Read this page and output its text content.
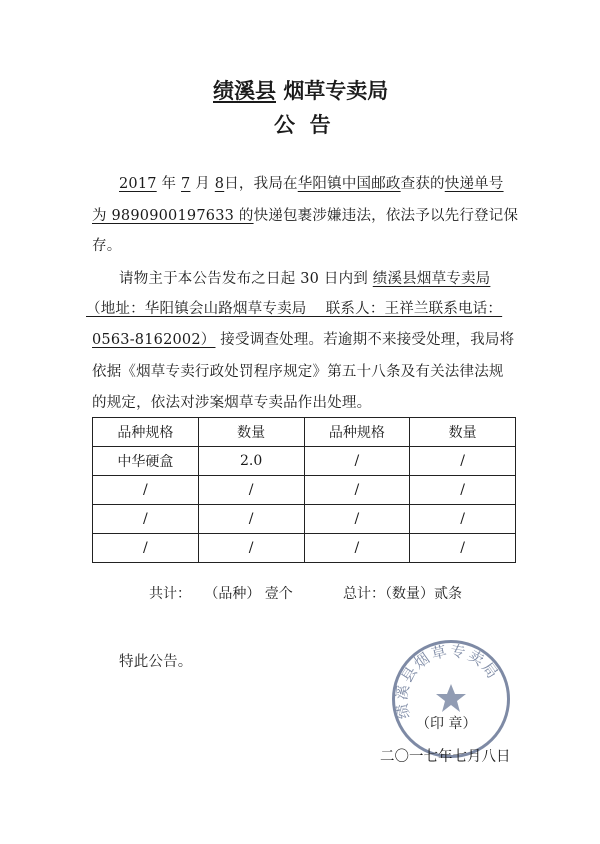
绩溪县 烟草专卖局
公  告
2017 年 7 月 8日，我局在华阳镇中国邮政查获的快递单号
为 9890900197633 的快递包裹涉嫌违法，依法予以先行登记保
存。
请物主于本公告发布之日起 30 日内到 绩溪县烟草专卖局
（地址：华阳镇会山路烟草专卖局    联系人：王祥兰联系电话：
0563-8162002） 接受调查处理。若逾期不来接受处理，我局将
依据《烟草专卖行政处罚程序规定》第五十八条及有关法律法规
的规定，依法对涉案烟草专卖品作出处理。
品种规格	数量	品种规格	数量
中华硬盒	2.0	/	/
/	/	/	/
/	/	/	/
/	/	/	/
共计： （品种） 壹个	总计：（数量）贰条
特此公告。
绩溪县烟草专卖局
（印 章）
二〇一七年七月八日
